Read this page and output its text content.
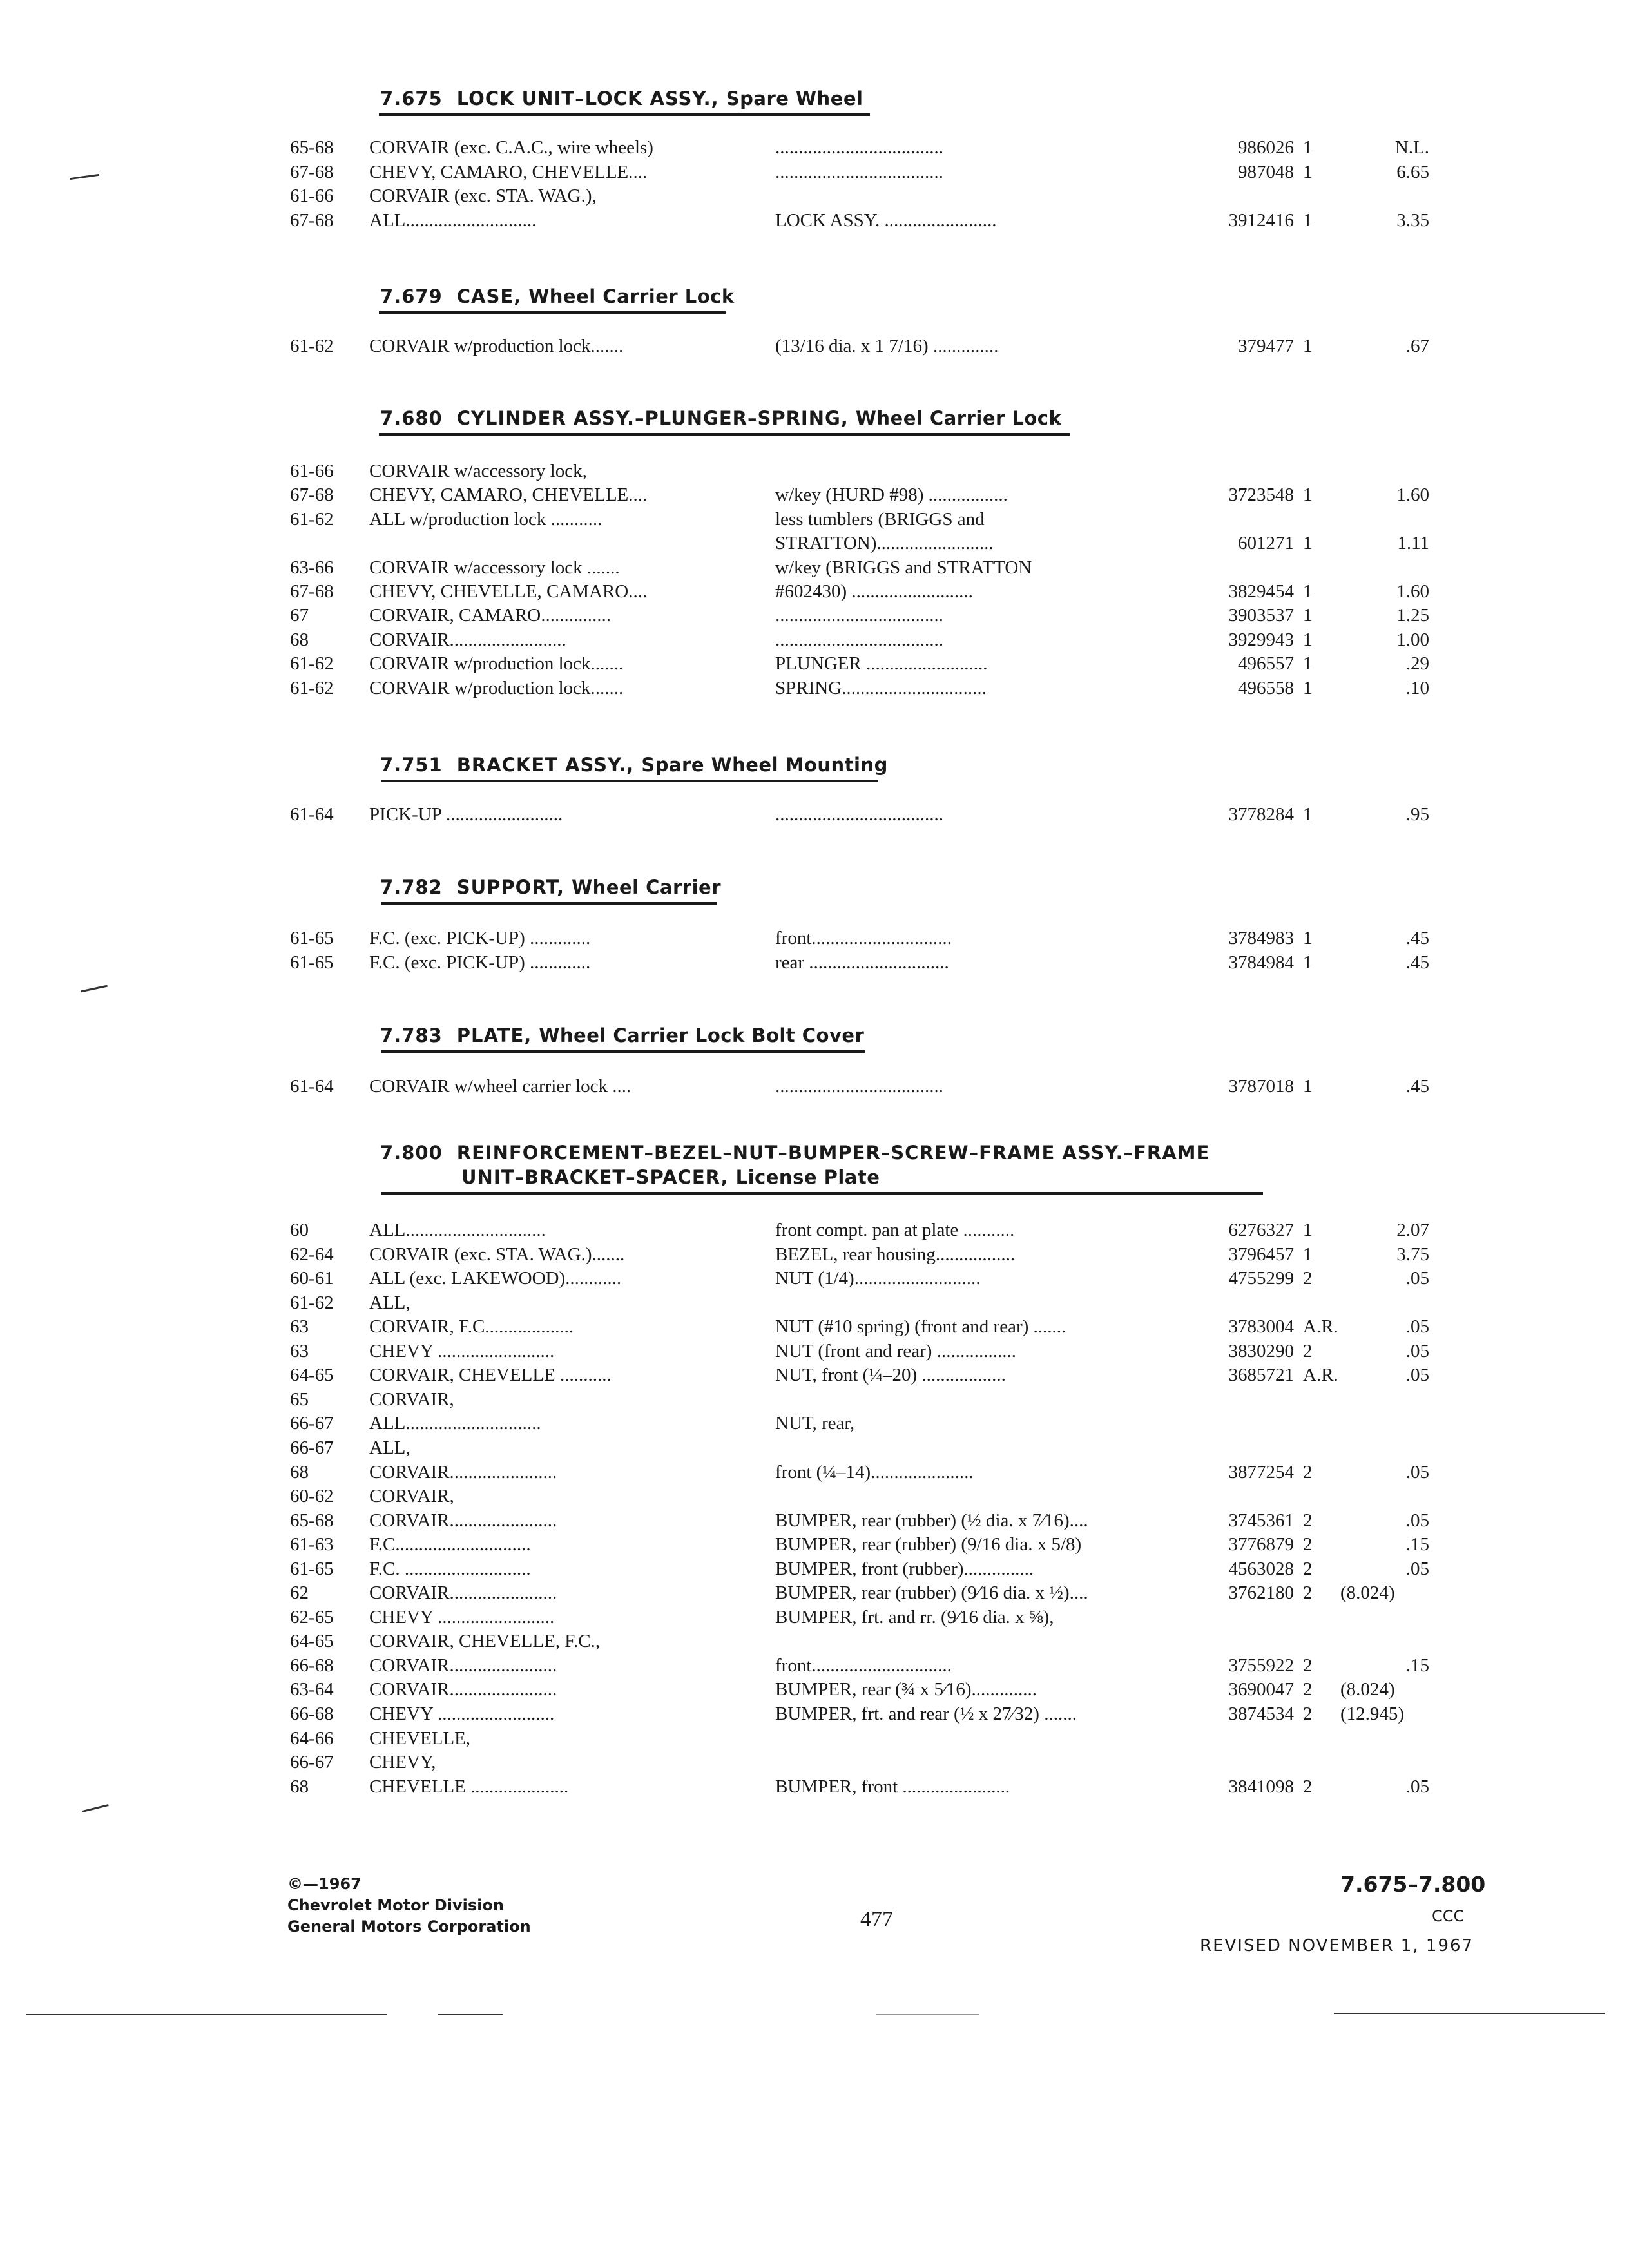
7.675 LOCK UNIT–LOCK ASSY., Spare Wheel
65-68 CORVAIR (exc. C.A.C., wire wheels)	....................................	986026 1	N.L.
67-68 CHEVY, CAMARO, CHEVELLE....	....................................	987048 1	6.65
61-66 CORVAIR (exc. STA. WAG.),
67-68 ALL............................	LOCK ASSY. ........................	3912416 1	3.35
7.679 CASE, Wheel Carrier Lock
61-62 CORVAIR w/production lock.......	(13/16 dia. x 1 7/16) ..............	379477 1	.67
7.680 CYLINDER ASSY.–PLUNGER–SPRING, Wheel Carrier Lock
61-66 CORVAIR w/accessory lock,
67-68 CHEVY, CAMARO, CHEVELLE....	w/key (HURD #98) .................	3723548 1	1.60
61-62 ALL w/production lock ...........	less tumblers (BRIGGS and
STRATTON).........................	601271 1	1.11
63-66 CORVAIR w/accessory lock .......	w/key (BRIGGS and STRATTON
67-68 CHEVY, CHEVELLE, CAMARO....	#602430) ..........................	3829454 1	1.60
67	CORVAIR, CAMARO...............	....................................	3903537 1	1.25
68	CORVAIR.........................	....................................	3929943 1	1.00
61-62 CORVAIR w/production lock.......	PLUNGER ..........................	496557 1	.29
61-62 CORVAIR w/production lock.......	SPRING...............................	496558 1	.10
7.751 BRACKET ASSY., Spare Wheel Mounting
61-64 PICK-UP .........................	....................................	3778284 1	.95
7.782 SUPPORT, Wheel Carrier
61-65 F.C. (exc. PICK-UP) .............	front..............................	3784983 1	.45
61-65 F.C. (exc. PICK-UP) .............	rear ..............................	3784984 1	.45
7.783 PLATE, Wheel Carrier Lock Bolt Cover
61-64 CORVAIR w/wheel carrier lock ....	....................................	3787018 1	.45
7.800 REINFORCEMENT–BEZEL–NUT–BUMPER–SCREW–FRAME ASSY.–FRAME
UNIT–BRACKET–SPACER, License Plate
60	ALL..............................	front compt. pan at plate ...........	6276327 1	2.07
62-64 CORVAIR (exc. STA. WAG.).......	BEZEL, rear housing.................	3796457 1	3.75
60-61 ALL (exc. LAKEWOOD)............	NUT (1/4)...........................	4755299 2	.05
61-62 ALL,
63	CORVAIR, F.C...................	NUT (#10 spring) (front and rear) .......	3783004 A.R.	.05
63	CHEVY .........................	NUT (front and rear) .................	3830290 2	.05
64-65 CORVAIR, CHEVELLE ...........	NUT, front (¼–20) ..................	3685721 A.R.	.05
65	CORVAIR,
66-67 ALL.............................	NUT, rear,
66-67 ALL,
68	CORVAIR.......................	front (¼–14)......................	3877254 2	.05
60-62 CORVAIR,
65-68 CORVAIR.......................	BUMPER, rear (rubber) (½ dia. x 7⁄16)....	3745361 2	.05
61-63 F.C.............................	BUMPER, rear (rubber) (9/16 dia. x 5/8)	3776879 2	.15
61-65 F.C. ...........................	BUMPER, front (rubber)...............	4563028 2	.05
62	CORVAIR.......................	BUMPER, rear (rubber) (9⁄16 dia. x ½)....	3762180 2 (8.024)
62-65 CHEVY .........................	BUMPER, frt. and rr. (9⁄16 dia. x ⅝),
64-65 CORVAIR, CHEVELLE, F.C.,
66-68 CORVAIR.......................	front..............................	3755922 2	.15
63-64 CORVAIR.......................	BUMPER, rear (¾ x 5⁄16)..............	3690047 2 (8.024)
66-68 CHEVY .........................	BUMPER, frt. and rear (½ x 27⁄32) .......	3874534 2 (12.945)
64-66 CHEVELLE,
66-67 CHEVY,
68	CHEVELLE .....................	BUMPER, front .......................	3841098 2	.05
©—1967
Chevrolet Motor Division
General Motors Corporation	477
7.675–7.800
CCC
REVISED NOVEMBER 1, 1967
